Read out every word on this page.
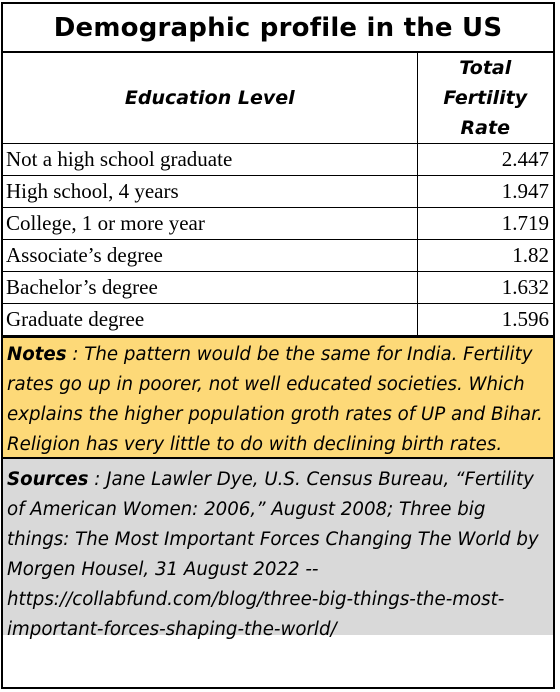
Demographic profile in the US
Education Level	Total
Fertility
Rate

Not a high school graduate	2.447
High school, 4 years	1.947
College, 1 or more year	1.719
Associate’s degree	1.82
Bachelor’s degree	1.632
Graduate degree	1.596
Notes : The pattern would be the same for India. Fertility rates go up in poorer, not well educated societies. Which explains the higher population groth rates of UP and Bihar. Religion has very little to do with declining birth rates.
Sources : Jane Lawler Dye, U.S. Census Bureau, “Fertility of American Women: 2006,” August 2008; Three big things: The Most Important Forces Changing The World by Morgen Housel, 31 August 2022 -- https://collabfund.com/blog/three-big-things-the-most-important-forces-shaping-the-world/
